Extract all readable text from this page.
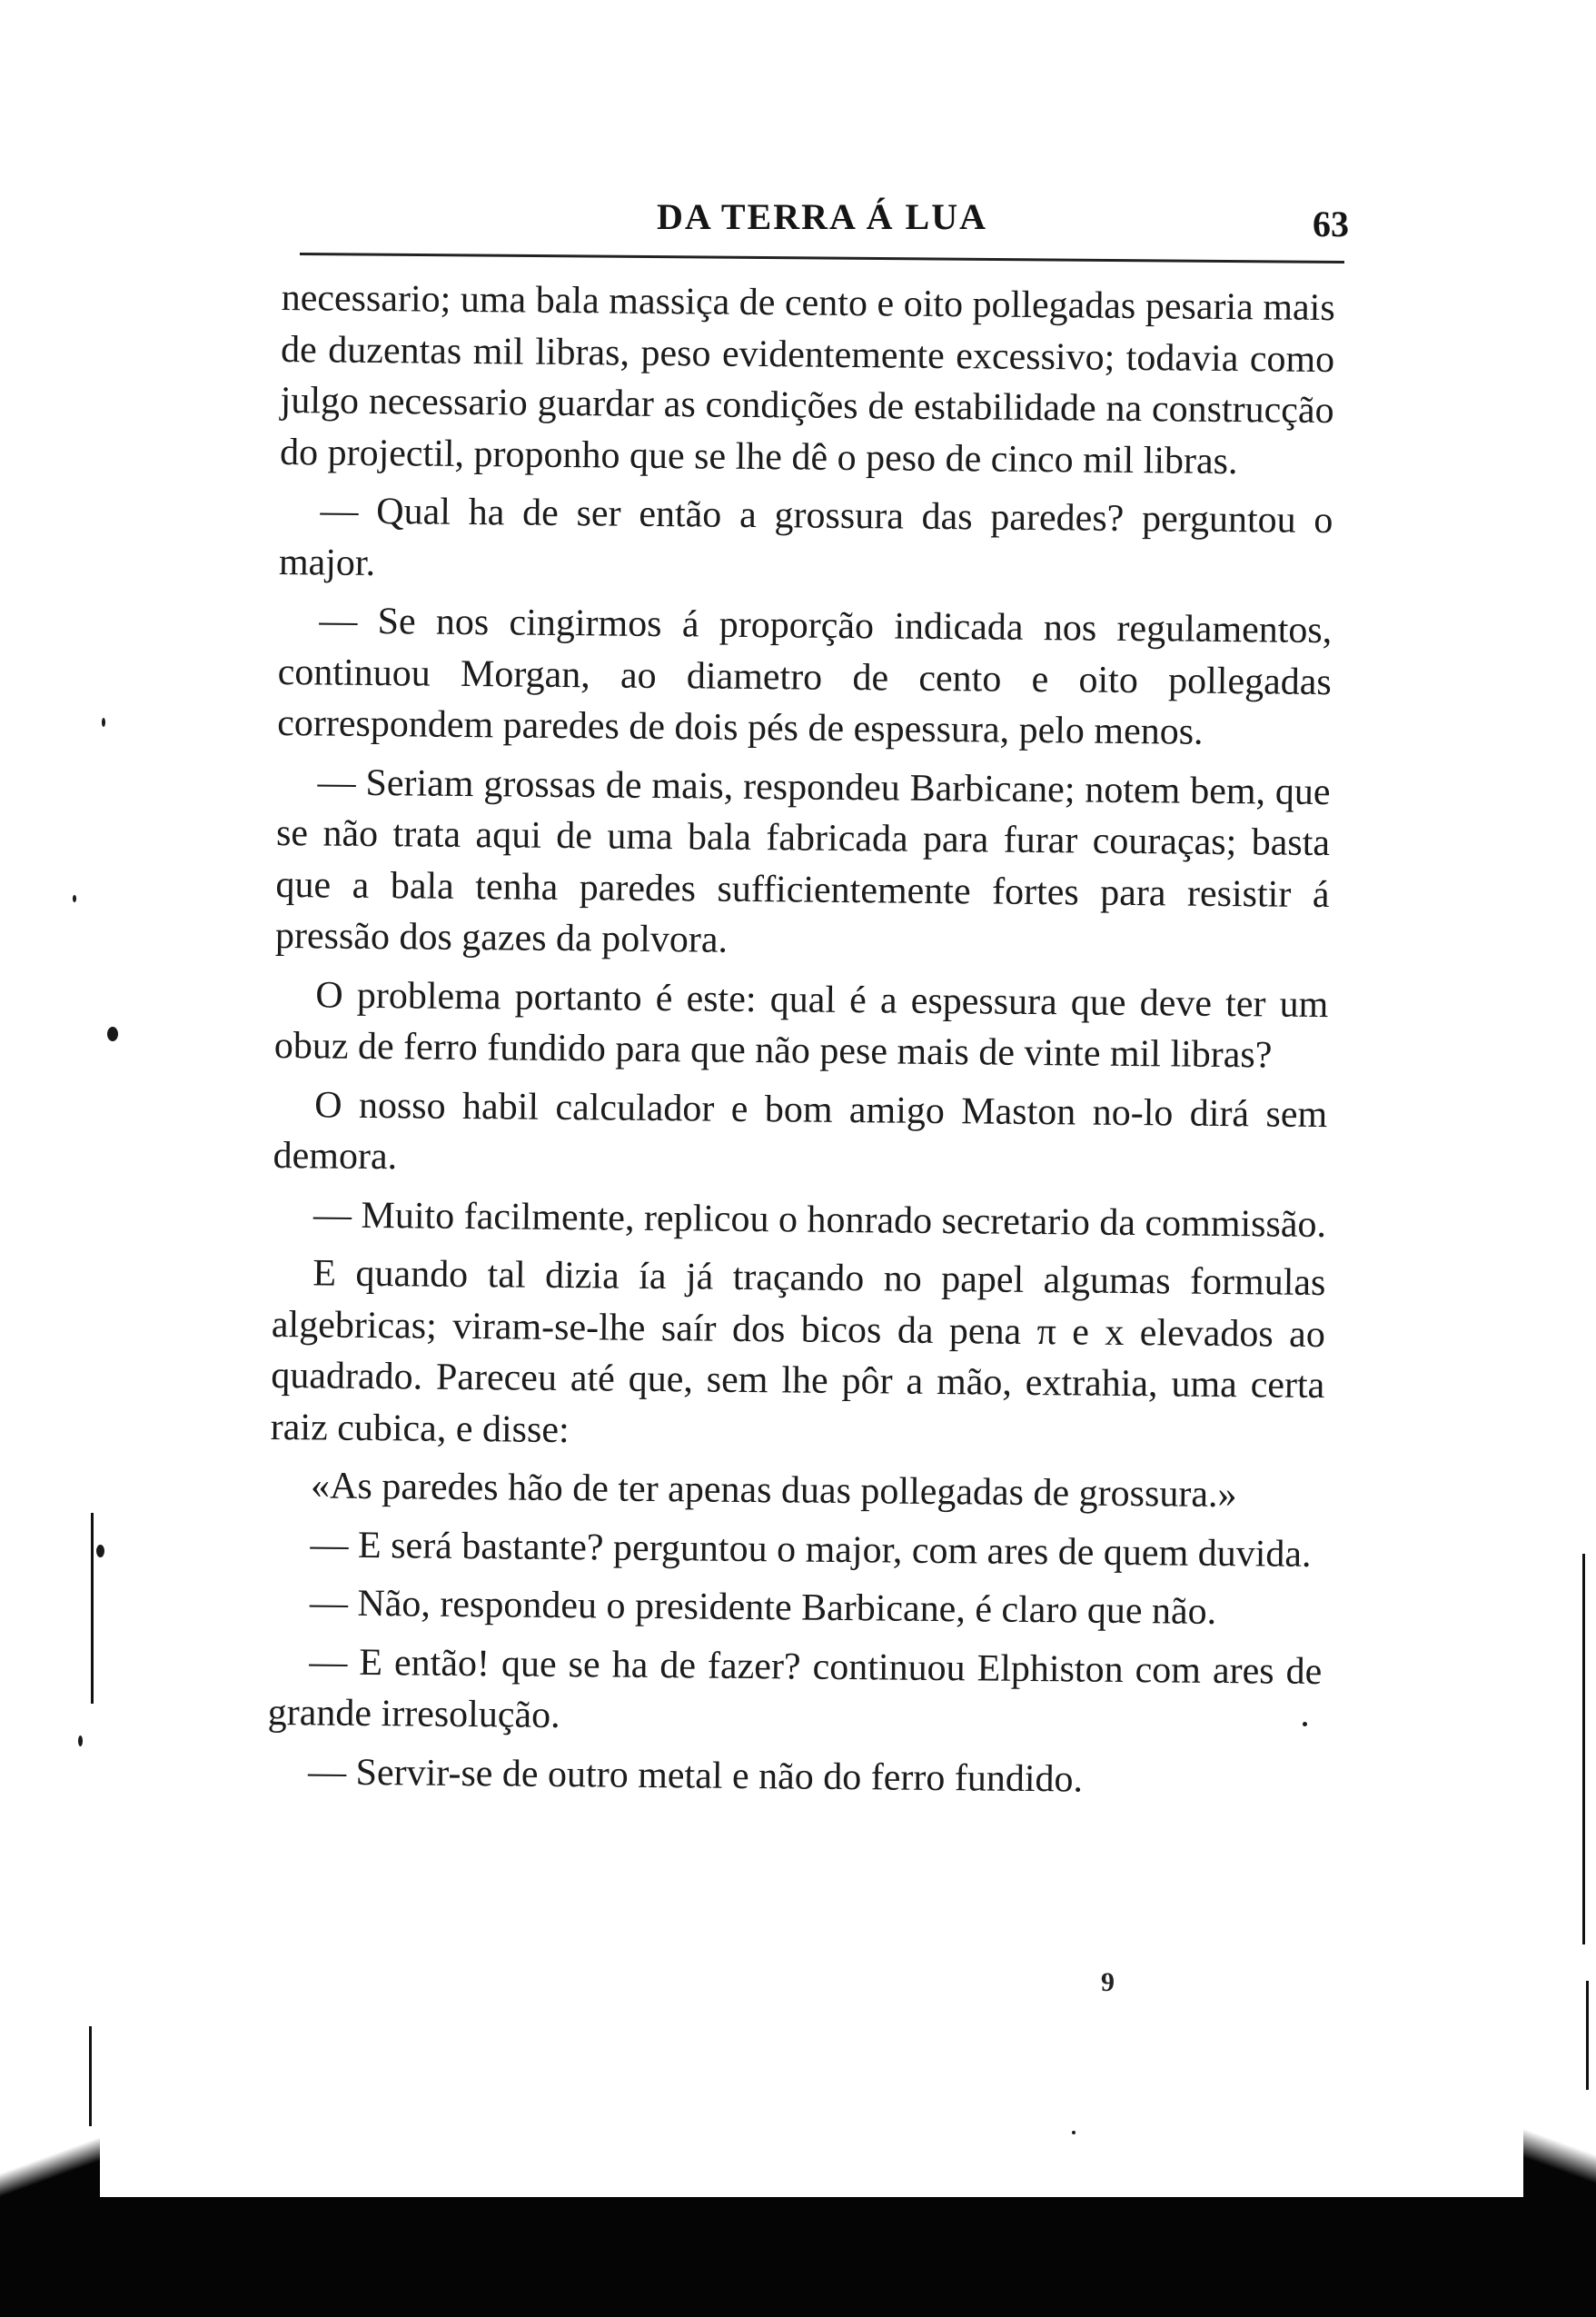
DA TERRA Á LUA	63

necessario; uma bala massiça de cento e oito pollegadas pesaria mais de duzentas mil libras, peso evidentemente excessivo; todavia como julgo necessario guardar as condições de estabilidade na construcção do projectil, proponho que se lhe dê o peso de cinco mil libras.

— Qual ha de ser então a grossura das paredes? perguntou o major.

— Se nos cingirmos á proporção indicada nos regulamentos, continuou Morgan, ao diametro de cento e oito pollegadas correspondem paredes de dois pés de espessura, pelo menos.

— Seriam grossas de mais, respondeu Barbicane; notem bem, que se não trata aqui de uma bala fabricada para furar couraças; basta que a bala tenha paredes sufficientemente fortes para resistir á pressão dos gazes da polvora.

O problema portanto é este: qual é a espessura que deve ter um obuz de ferro fundido para que não pese mais de vinte mil libras?

O nosso habil calculador e bom amigo Maston no-lo dirá sem demora.

— Muito facilmente, replicou o honrado secretario da commissão.

E quando tal dizia ía já traçando no papel algumas formulas algebricas; viram-se-lhe saír dos bicos da pena π e x elevados ao quadrado. Pareceu até que, sem lhe pôr a mão, extrahia, uma certa raiz cubica, e disse:

«As paredes hão de ter apenas duas pollegadas de grossura.»

— E será bastante? perguntou o major, com ares de quem duvida.

— Não, respondeu o presidente Barbicane, é claro que não.

— E então! que se ha de fazer? continuou Elphiston com ares de grande irresolução.

— Servir-se de outro metal e não do ferro fundido.

9
